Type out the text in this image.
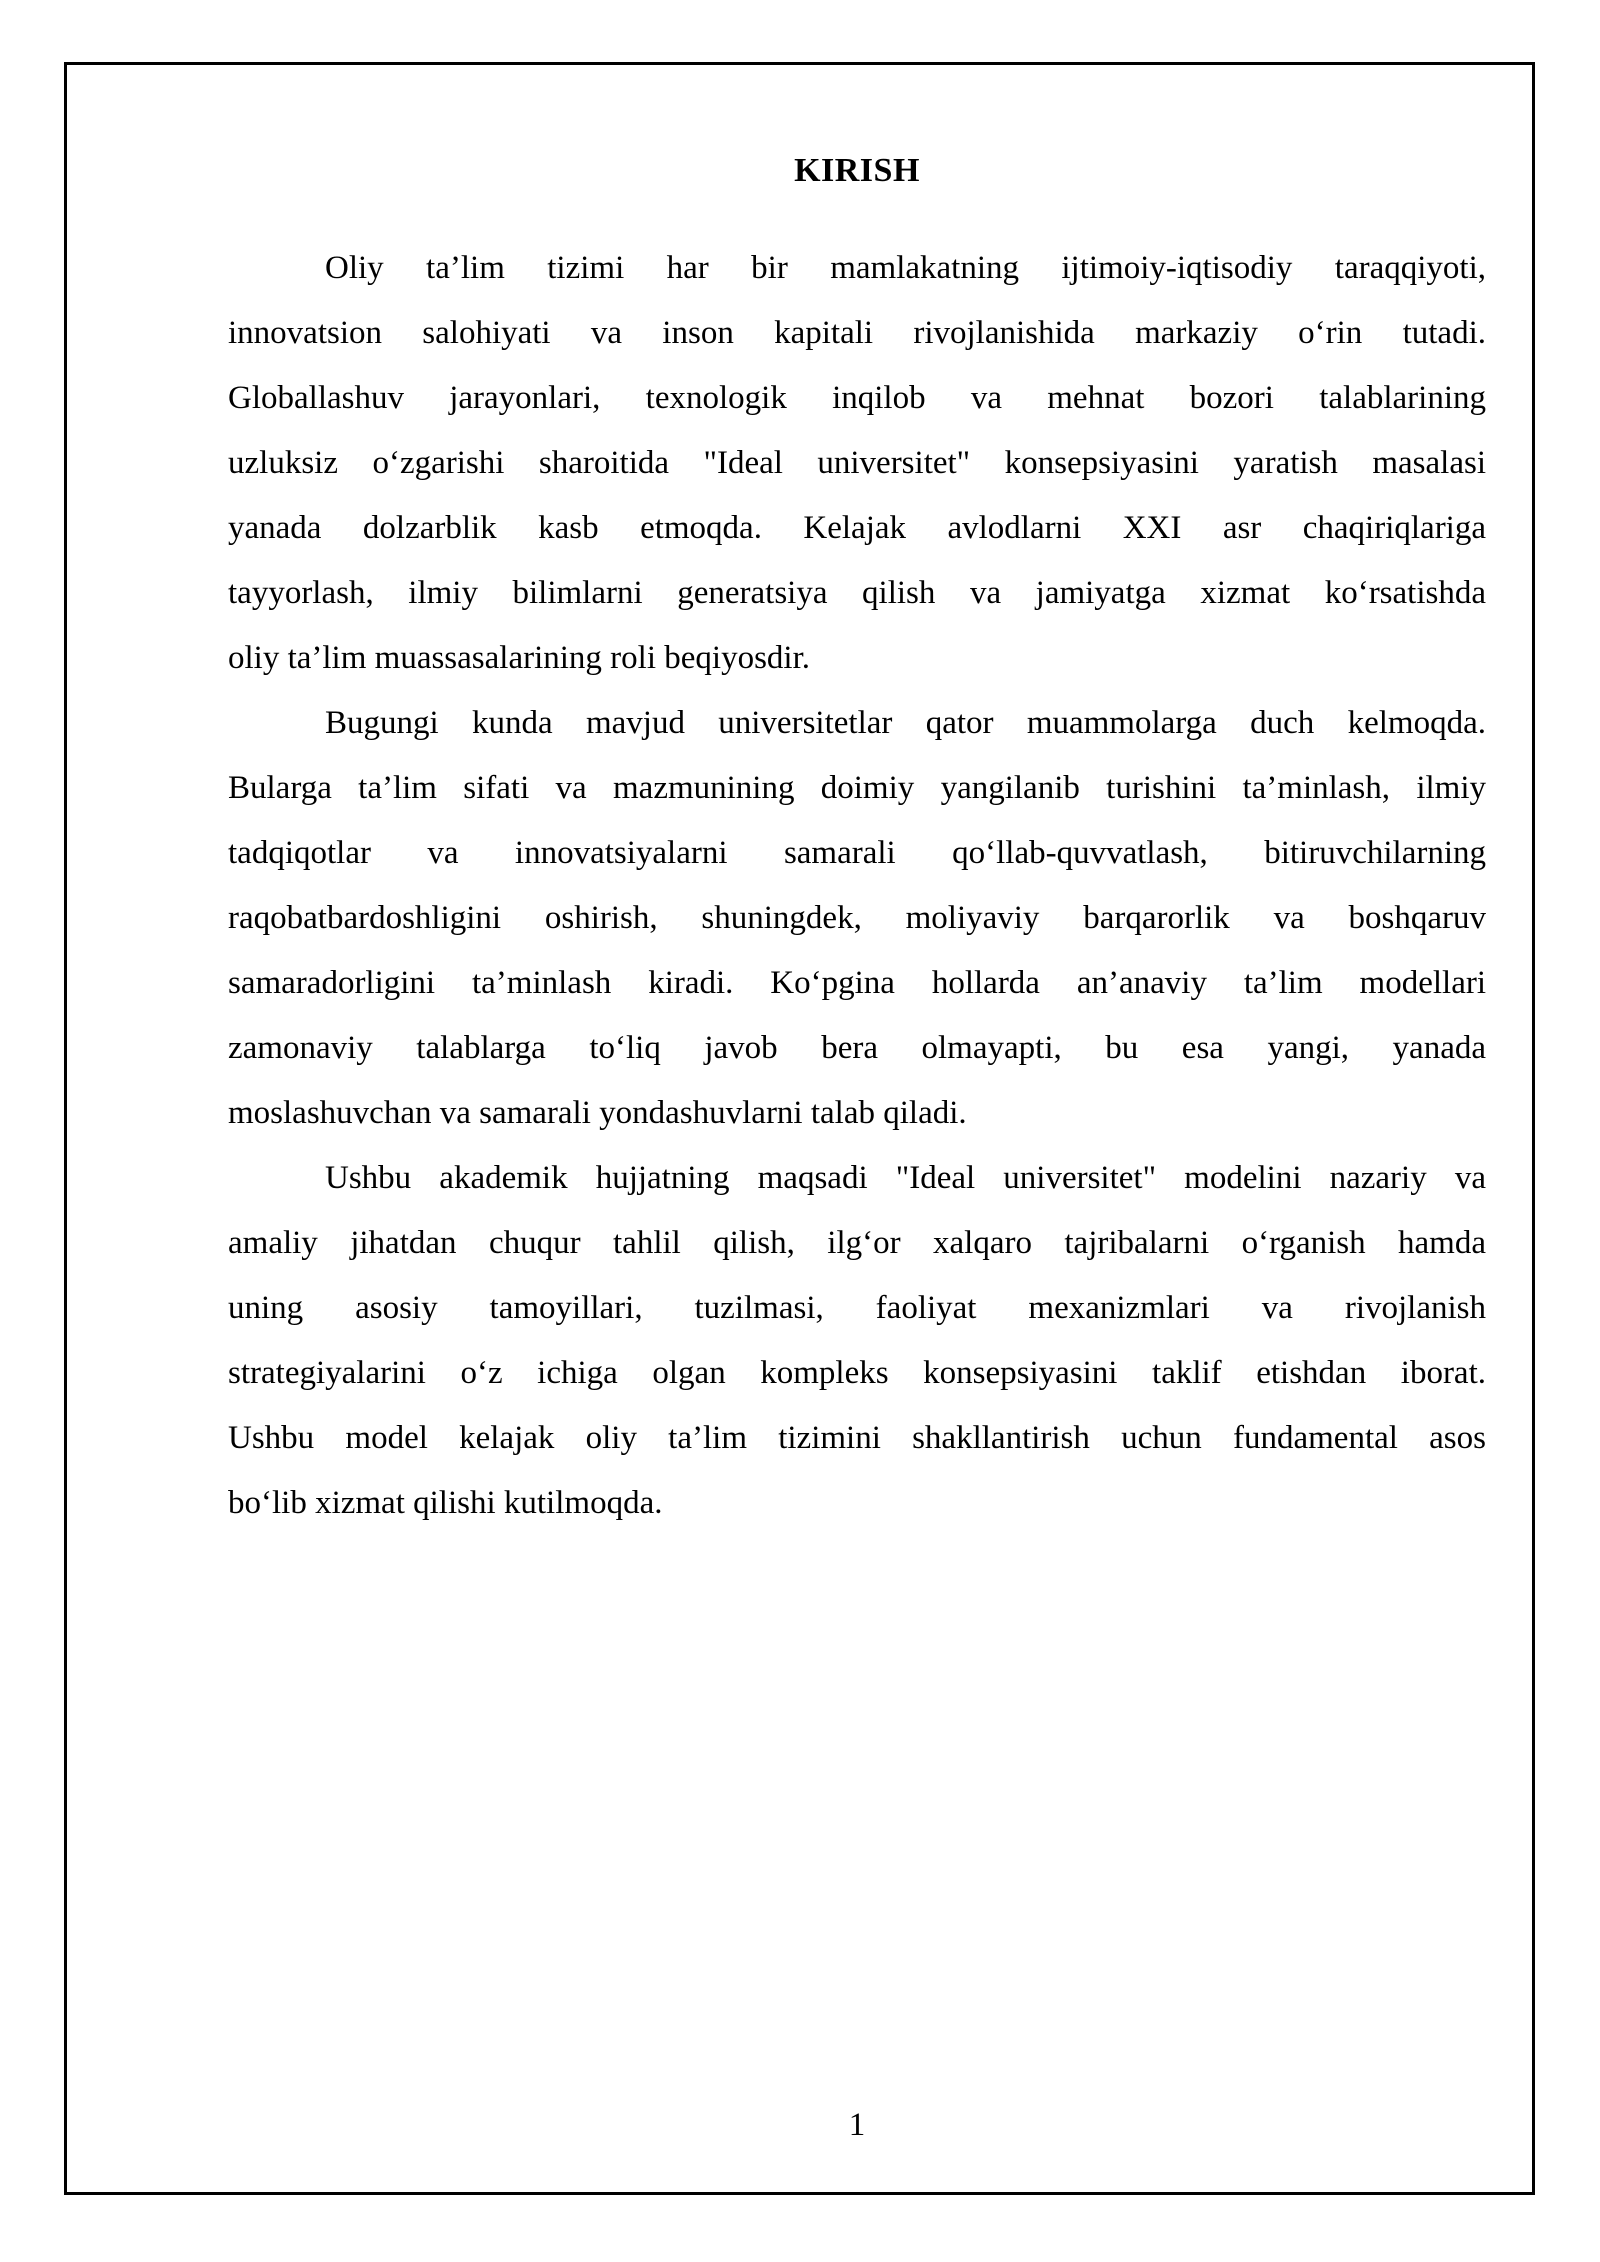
KIRISH
Oliy ta’lim tizimi har bir mamlakatning ijtimoiy-iqtisodiy taraqqiyoti,
innovatsion salohiyati va inson kapitali rivojlanishida markaziy oʻrin tutadi.
Globallashuv jarayonlari, texnologik inqilob va mehnat bozori talablarining
uzluksiz oʻzgarishi sharoitida "Ideal universitet" konsepsiyasini yaratish masalasi
yanada dolzarblik kasb etmoqda. Kelajak avlodlarni XXI asr chaqiriqlariga
tayyorlash, ilmiy bilimlarni generatsiya qilish va jamiyatga xizmat koʻrsatishda
oliy ta’lim muassasalarining roli beqiyosdir.
Bugungi kunda mavjud universitetlar qator muammolarga duch kelmoqda.
Bularga ta’lim sifati va mazmunining doimiy yangilanib turishini ta’minlash, ilmiy
tadqiqotlar va innovatsiyalarni samarali qoʻllab-quvvatlash, bitiruvchilarning
raqobatbardoshligini oshirish, shuningdek, moliyaviy barqarorlik va boshqaruv
samaradorligini ta’minlash kiradi. Koʻpgina hollarda an’anaviy ta’lim modellari
zamonaviy talablarga toʻliq javob bera olmayapti, bu esa yangi, yanada
moslashuvchan va samarali yondashuvlarni talab qiladi.
Ushbu akademik hujjatning maqsadi "Ideal universitet" modelini nazariy va
amaliy jihatdan chuqur tahlil qilish, ilgʻor xalqaro tajribalarni oʻrganish hamda
uning asosiy tamoyillari, tuzilmasi, faoliyat mexanizmlari va rivojlanish
strategiyalarini oʻz ichiga olgan kompleks konsepsiyasini taklif etishdan iborat.
Ushbu model kelajak oliy ta’lim tizimini shakllantirish uchun fundamental asos
boʻlib xizmat qilishi kutilmoqda.
1
